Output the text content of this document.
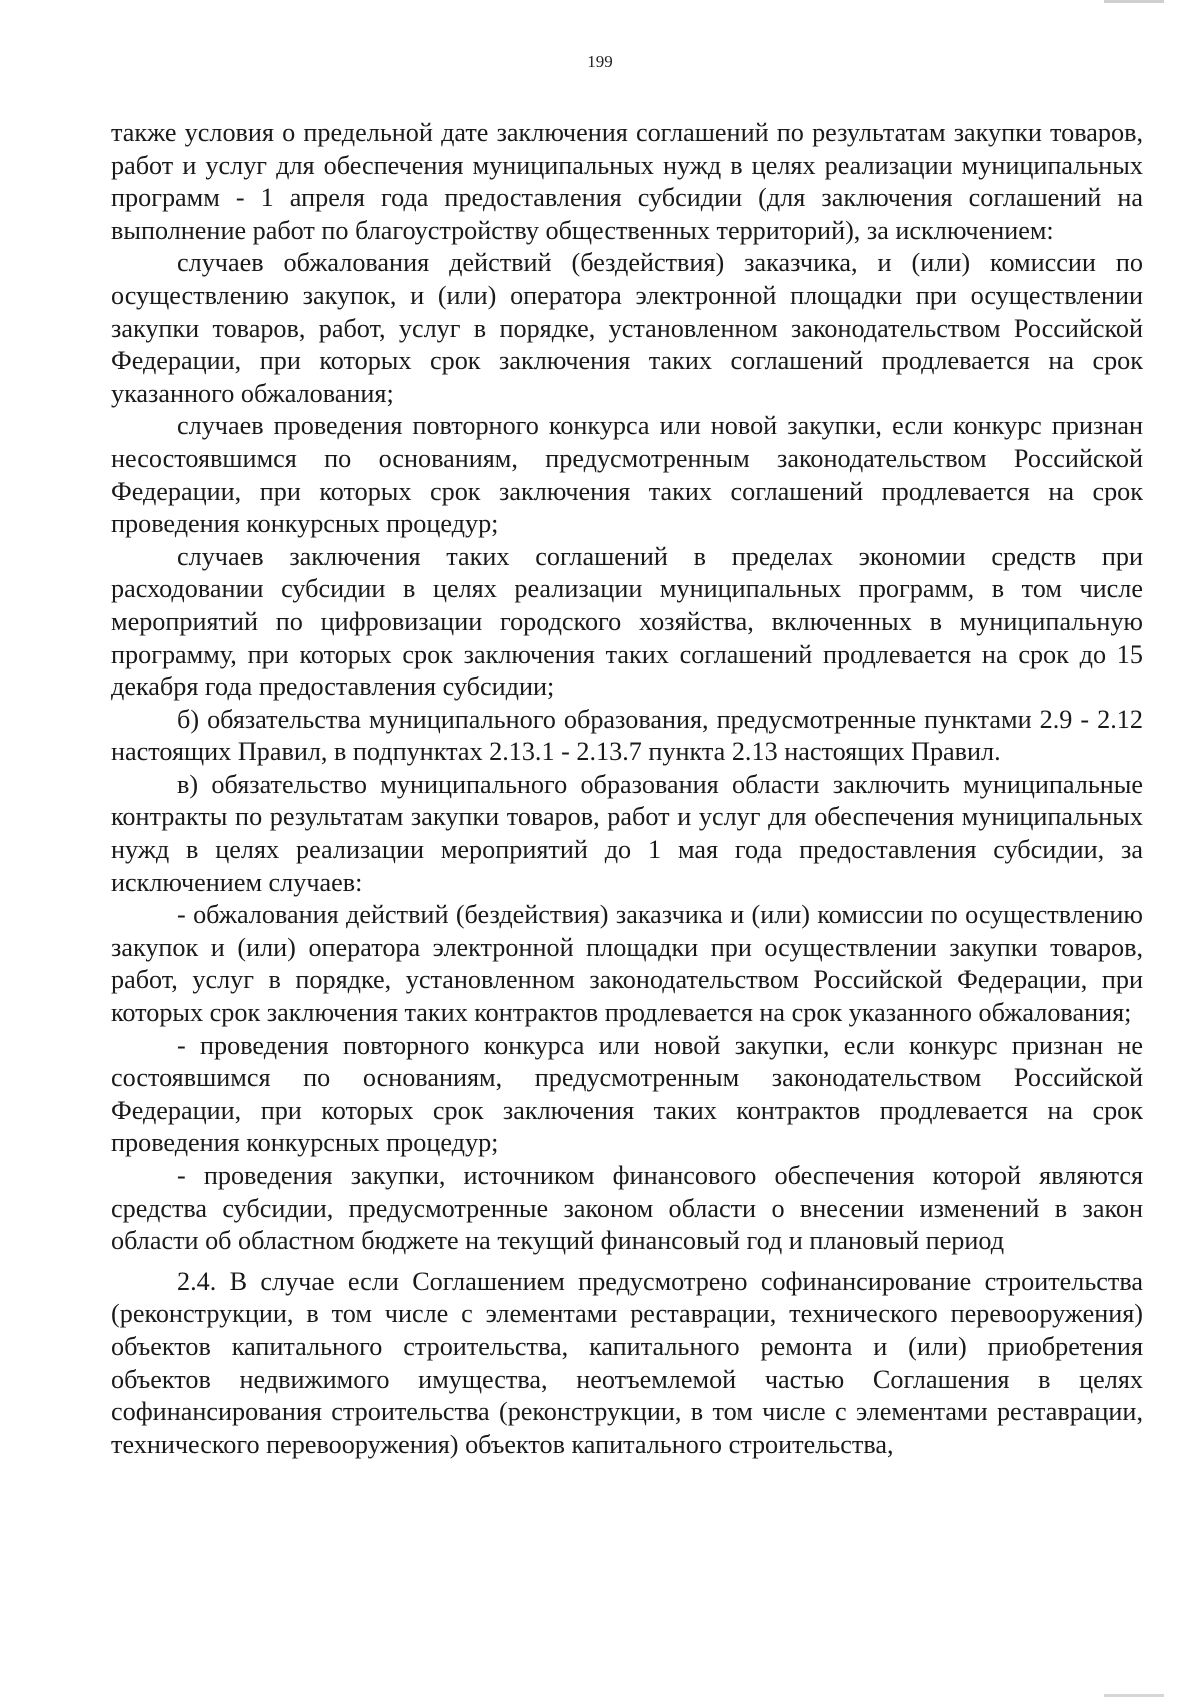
199

также условия о предельной дате заключения соглашений по результатам закупки товаров, работ и услуг для обеспечения муниципальных нужд в целях реализации муниципальных программ - 1 апреля года предоставления субсидии (для заключения соглашений на выполнение работ по благоустройству общественных территорий), за исключением:

случаев обжалования действий (бездействия) заказчика, и (или) комиссии по осуществлению закупок, и (или) оператора электронной площадки при осуществлении закупки товаров, работ, услуг в порядке, установленном законодательством Российской Федерации, при которых срок заключения таких соглашений продлевается на срок указанного обжалования;

случаев проведения повторного конкурса или новой закупки, если конкурс признан несостоявшимся по основаниям, предусмотренным законодательством Российской Федерации, при которых срок заключения таких соглашений продлевается на срок проведения конкурсных процедур;

случаев заключения таких соглашений в пределах экономии средств при расходовании субсидии в целях реализации муниципальных программ, в том числе мероприятий по цифровизации городского хозяйства, включенных в муниципальную программу, при которых срок заключения таких соглашений продлевается на срок до 15 декабря года предоставления субсидии;

б) обязательства муниципального образования, предусмотренные пунктами 2.9 - 2.12 настоящих Правил, в подпунктах 2.13.1 - 2.13.7 пункта 2.13 настоящих Правил.

в) обязательство муниципального образования области заключить муниципальные контракты по результатам закупки товаров, работ и услуг для обеспечения муниципальных нужд в целях реализации мероприятий до 1 мая года предоставления субсидии, за исключением случаев:

- обжалования действий (бездействия) заказчика и (или) комиссии по осуществлению закупок и (или) оператора электронной площадки при осуществлении закупки товаров, работ, услуг в порядке, установленном законодательством Российской Федерации, при которых срок заключения таких контрактов продлевается на срок указанного обжалования;

- проведения повторного конкурса или новой закупки, если конкурс признан не состоявшимся по основаниям, предусмотренным законодательством Российской Федерации, при которых срок заключения таких контрактов продлевается на срок проведения конкурсных процедур;

- проведения закупки, источником финансового обеспечения которой являются средства субсидии, предусмотренные законом области о внесении изменений в закон области об областном бюджете на текущий финансовый год и плановый период

2.4. В случае если Соглашением предусмотрено софинансирование строительства (реконструкции, в том числе с элементами реставрации, технического перевооружения) объектов капитального строительства, капитального ремонта и (или) приобретения объектов недвижимого имущества, неотъемлемой частью Соглашения в целях софинансирования строительства (реконструкции, в том числе с элементами реставрации, технического перевооружения) объектов капитального строительства,
